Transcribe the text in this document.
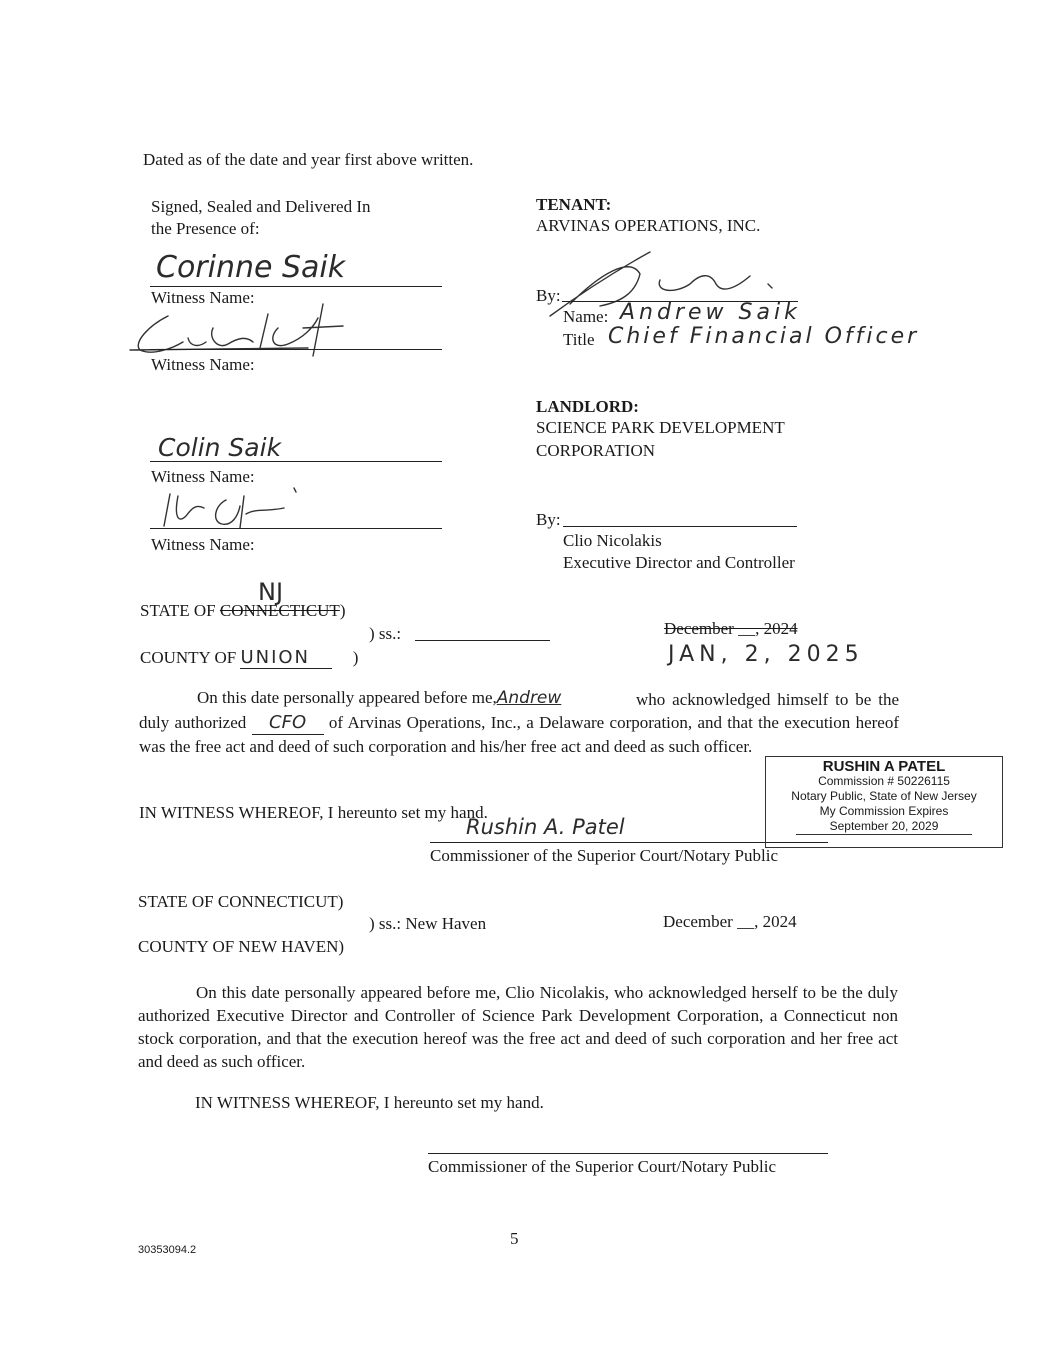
Dated as of the date and year first above written.
Signed, Sealed and Delivered In
the Presence of:
Corinne Saik
Witness Name:
Witness Name:
Colin Saik
Witness Name:
Witness Name:
TENANT:
ARVINAS OPERATIONS, INC.
By:
Name: Andrew Saik
Title Chief Financial Officer
LANDLORD:
SCIENCE PARK DEVELOPMENT
CORPORATION
By:
Clio Nicolakis
Executive Director and Controller
NJ
STATE OF CONNECTICUT)
) ss.:
COUNTY OF UNION	)
December __, 2024
JAN, 2, 2025
On this date personally appeared before me,Andrew	who acknowledged himself to be the duly authorized CFO of Arvinas Operations, Inc., a Delaware corporation, and that the execution hereof was the free act and deed of such corporation and his/her free act and deed as such officer.
IN WITNESS WHEREOF, I hereunto set my hand.
Rushin A. Patel
Commissioner of the Superior Court/Notary Public
RUSHIN A PATEL
Commission # 50226115
Notary Public, State of New Jersey
My Commission Expires
September 20, 2029
STATE OF CONNECTICUT)
) ss.: New Haven	December __, 2024
COUNTY OF NEW HAVEN)
On this date personally appeared before me, Clio Nicolakis, who acknowledged herself to be the duly authorized Executive Director and Controller of Science Park Development Corporation, a Connecticut non stock corporation, and that the execution hereof was the free act and deed of such corporation and her free act and deed as such officer.
IN WITNESS WHEREOF, I hereunto set my hand.
Commissioner of the Superior Court/Notary Public
5
30353094.2
